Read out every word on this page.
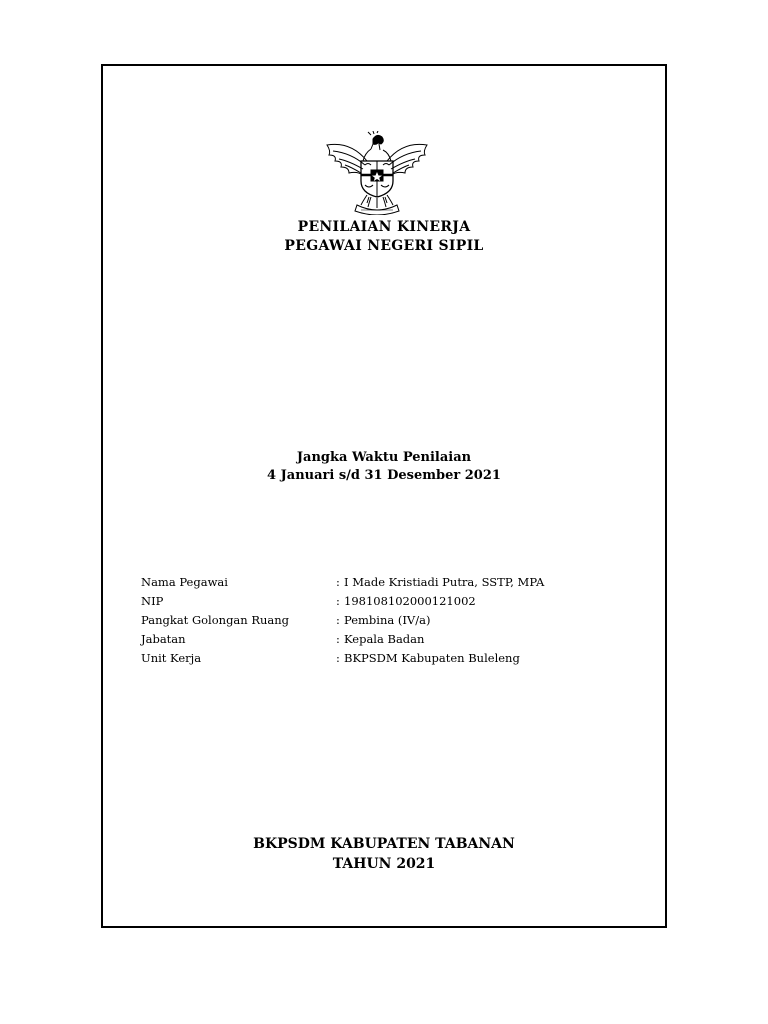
PENILAIAN KINERJA
PEGAWAI NEGERI SIPIL
Jangka Waktu Penilaian
4 Januari s/d 31 Desember 2021
Nama Pegawai	: I Made Kristiadi Putra, SSTP, MPA
NIP	: 198108102000121002
Pangkat Golongan Ruang	: Pembina (IV/a)
Jabatan	: Kepala Badan
Unit Kerja	: BKPSDM Kabupaten Buleleng
BKPSDM KABUPATEN TABANAN
TAHUN 2021
